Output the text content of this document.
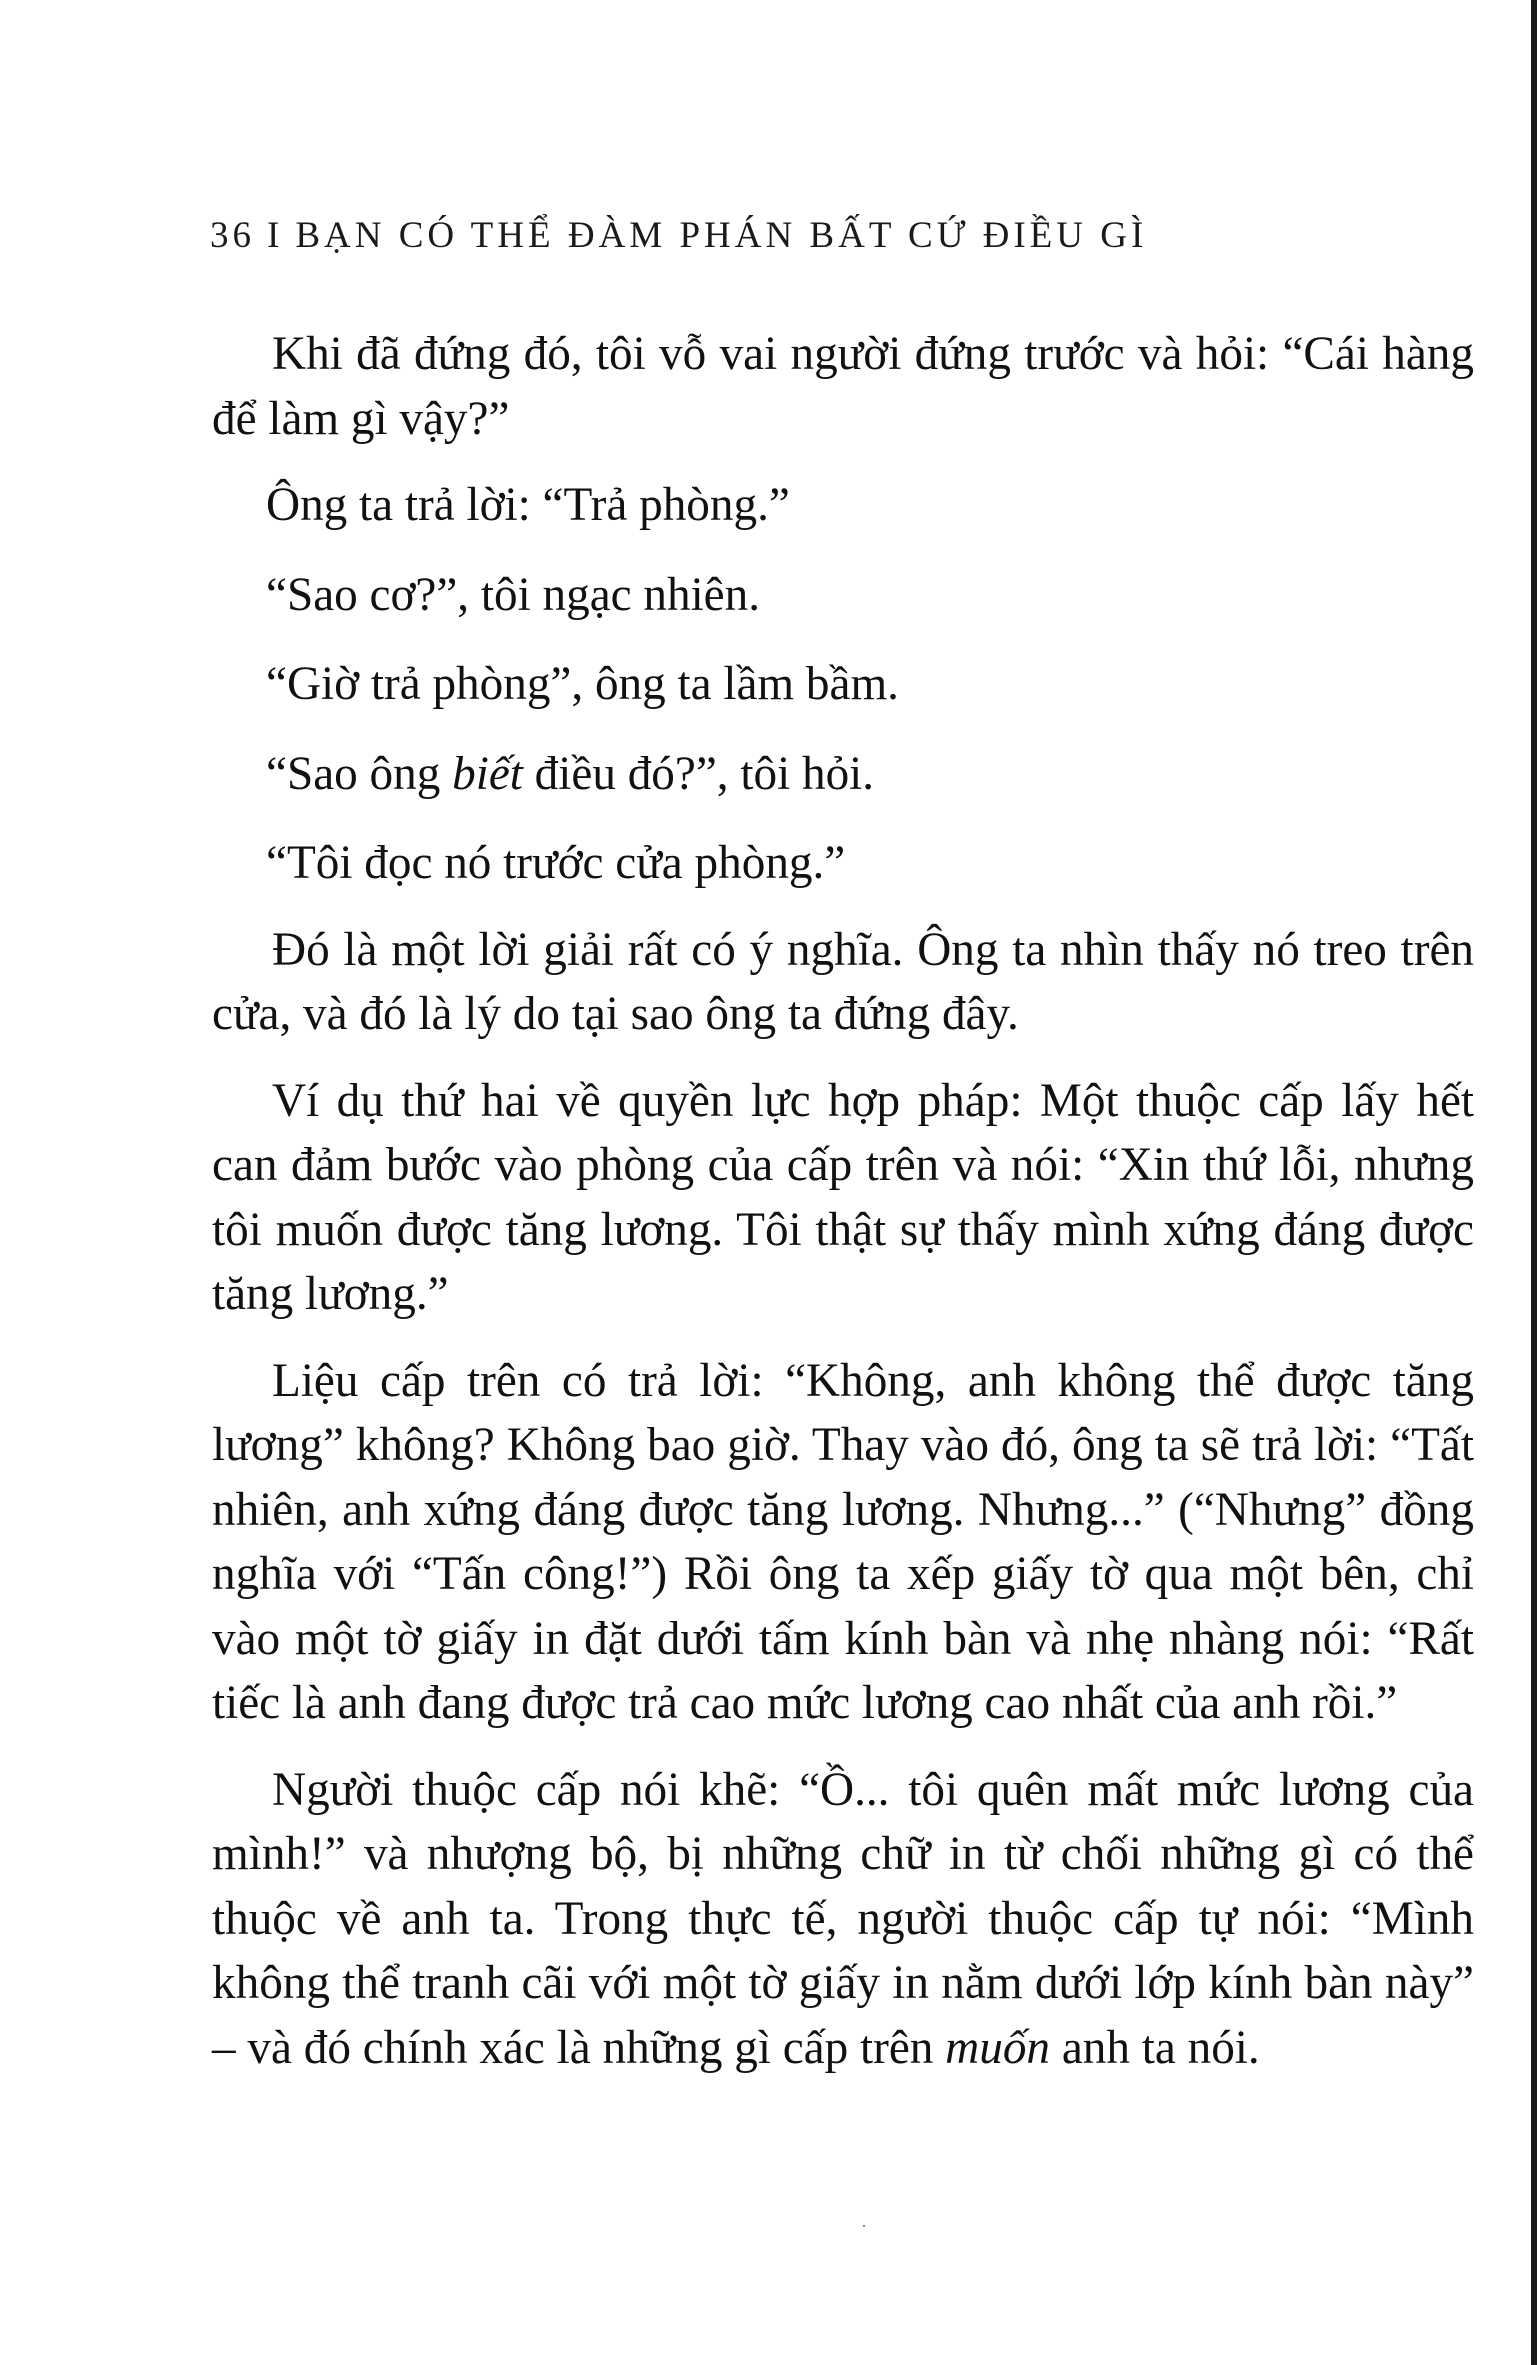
36 I BẠN CÓ THỂ ĐÀM PHÁN BẤT CỨ ĐIỀU GÌ

Khi đã đứng đó, tôi vỗ vai người đứng trước và hỏi: “Cái hàng để làm gì vậy?”

Ông ta trả lời: “Trả phòng.”

“Sao cơ?”, tôi ngạc nhiên.

“Giờ trả phòng”, ông ta lầm bầm.

“Sao ông biết điều đó?”, tôi hỏi.

“Tôi đọc nó trước cửa phòng.”

Đó là một lời giải rất có ý nghĩa. Ông ta nhìn thấy nó treo trên cửa, và đó là lý do tại sao ông ta đứng đây.

Ví dụ thứ hai về quyền lực hợp pháp: Một thuộc cấp lấy hết can đảm bước vào phòng của cấp trên và nói: “Xin thứ lỗi, nhưng tôi muốn được tăng lương. Tôi thật sự thấy mình xứng đáng được tăng lương.”

Liệu cấp trên có trả lời: “Không, anh không thể được tăng lương” không? Không bao giờ. Thay vào đó, ông ta sẽ trả lời: “Tất nhiên, anh xứng đáng được tăng lương. Nhưng...” (“Nhưng” đồng nghĩa với “Tấn công!”) Rồi ông ta xếp giấy tờ qua một bên, chỉ vào một tờ giấy in đặt dưới tấm kính bàn và nhẹ nhàng nói: “Rất tiếc là anh đang được trả cao mức lương cao nhất của anh rồi.”

Người thuộc cấp nói khẽ: “Ồ... tôi quên mất mức lương của mình!” và nhượng bộ, bị những chữ in từ chối những gì có thể thuộc về anh ta. Trong thực tế, người thuộc cấp tự nói: “Mình không thể tranh cãi với một tờ giấy in nằm dưới lớp kính bàn này” – và đó chính xác là những gì cấp trên muốn anh ta nói.
